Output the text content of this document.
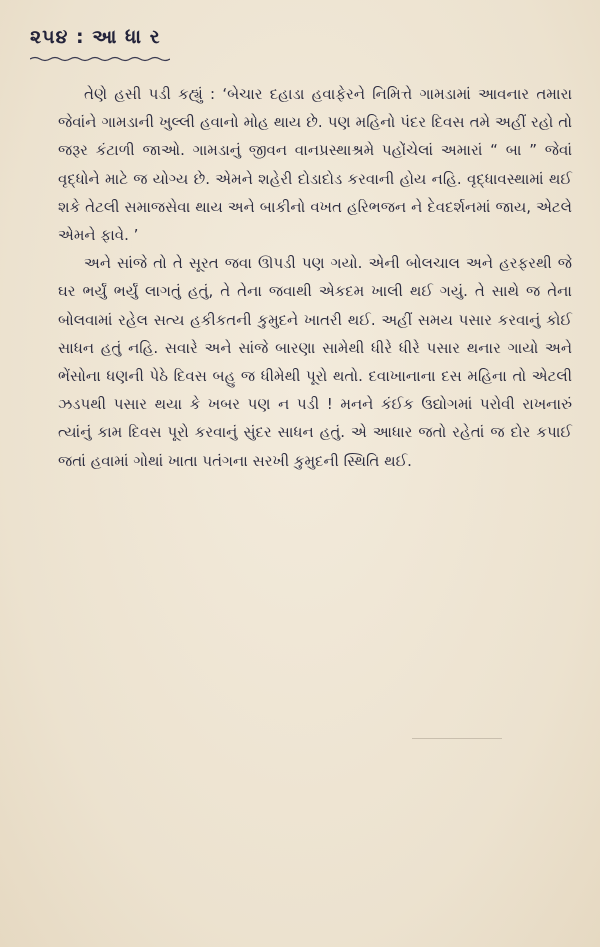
૨૫૪ : આ ધા ર

તેણે હસી પડી કહ્યું : ‘બેચાર દહાડા હવાફેરને નિમિત્તે ગામડામાં આવનાર તમારા જેવાંને ગામડાની ખુલ્લી હવાનો મોહ થાય છે. પણ મહિનો પંદર દિવસ તમે અહીં રહો તો જરૂર કંટાળી જાઓ. ગામડાનું જીવન વાનપ્રસ્થાશ્રમે પહોંચેલાં અમારાં “ બા ” જેવાં વૃદ્ધોને માટે જ યોગ્ય છે. એમને શહેરી દોડાદોડ કરવાની હોય નહિ. વૃદ્ધાવસ્થામાં થઈ શકે તેટલી સમાજસેવા થાય અને બાકીનો વખત હરિભજન ને દેવદર્શનમાં જાય, એટલે એમને ફાવે. ’

અને સાંજે તો તે સૂરત જવા ઊપડી પણ ગયો. એની બોલચાલ અને હરફરથી જે ઘર ભર્યું ભર્યું લાગતું હતું, તે તેના જવાથી એકદમ ખાલી થઈ ગયું. તે સાથે જ તેના બોલવામાં રહેલ સત્ય હકીકતની કુમુદને ખાતરી થઈ. અહીં સમય પસાર કરવાનું કોઈ સાધન હતું નહિ. સવારે અને સાંજે બારણા સામેથી ધીરે ધીરે પસાર થનાર ગાયો અને ભેંસોના ધણની પેઠે દિવસ બહુ જ ધીમેથી પૂરો થતો. દવાખાનાના દસ મહિના તો એટલી ઝડપથી પસાર થયા કે ખબર પણ ન પડી ! મનને કંઈક ઉદ્યોગમાં પરોવી રાખનારું ત્યાંનું કામ દિવસ પૂરો કરવાનું સુંદર સાધન હતું. એ આધાર જતો રહેતાં જ દોર કપાઈ જતાં હવામાં ગોથાં ખાતા પતંગના સરખી કુમુદની સ્થિતિ થઈ.
